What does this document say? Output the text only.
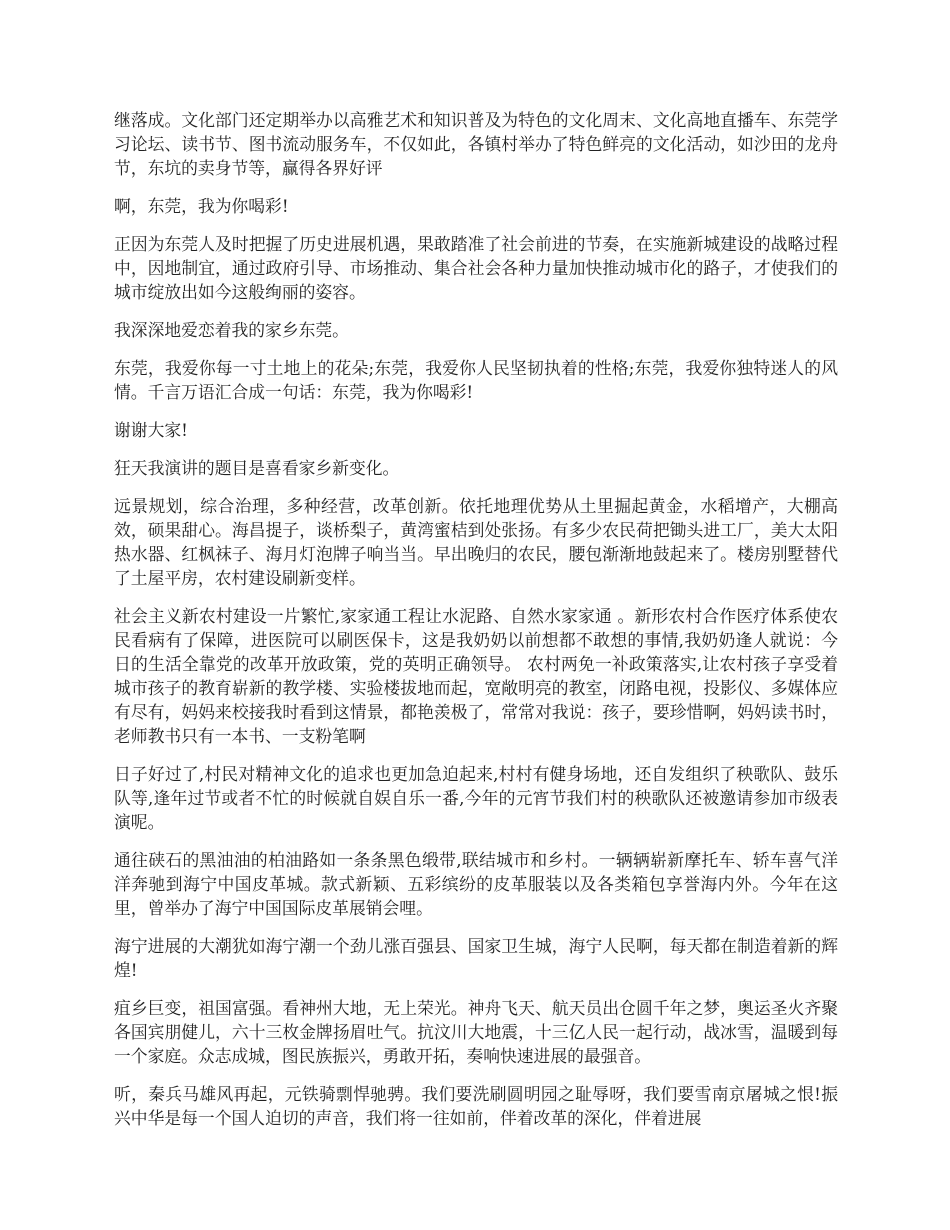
继落成。文化部门还定期举办以高雅艺术和知识普及为特色的文化周末、文化高地直播车、东莞学习论坛、读书节、图书流动服务车，不仅如此，各镇村举办了特色鲜亮的文化活动，如沙田的龙舟节，东坑的卖身节等，赢得各界好评

啊，东莞，我为你喝彩!

正因为东莞人及时把握了历史进展机遇，果敢踏准了社会前进的节奏，在实施新城建设的战略过程中，因地制宜，通过政府引导、市场推动、集合社会各种力量加快推动城市化的路子，才使我们的城市绽放出如今这般绚丽的姿容。

我深深地爱恋着我的家乡东莞。

东莞，我爱你每一寸土地上的花朵;东莞，我爱你人民坚韧执着的性格;东莞，我爱你独特迷人的风情。千言万语汇合成一句话：东莞，我为你喝彩!

谢谢大家!

狂天我演讲的题目是喜看家乡新变化。

远景规划，综合治理，多种经营，改革创新。依托地理优势从土里掘起黄金，水稻增产，大棚高效，硕果甜心。海昌提子，谈桥梨子，黄湾蜜桔到处张扬。有多少农民荷把锄头进工厂，美大太阳热水器、红枫袜子、海月灯泡牌子响当当。早出晚归的农民，腰包渐渐地鼓起来了。楼房别墅替代了土屋平房，农村建设刷新变样。

社会主义新农村建设一片繁忙,家家通工程让水泥路、自然水家家通 。新形农村合作医疗体系使农民看病有了保障，进医院可以刷医保卡，这是我奶奶以前想都不敢想的事情,我奶奶逢人就说：今日的生活全靠党的改革开放政策，党的英明正确领导。 农村两免一补政策落实,让农村孩子享受着城市孩子的教育崭新的教学楼、实验楼拔地而起，宽敞明亮的教室，闭路电视，投影仪、多媒体应有尽有，妈妈来校接我时看到这情景，都艳羡极了，常常对我说：孩子，要珍惜啊，妈妈读书时，老师教书只有一本书、一支粉笔啊

日子好过了,村民对精神文化的追求也更加急迫起来,村村有健身场地，还自发组织了秧歌队、鼓乐队等,逢年过节或者不忙的时候就自娱自乐一番,今年的元宵节我们村的秧歌队还被邀请参加市级表演呢。

通往硖石的黑油油的柏油路如一条条黑色缎带,联结城市和乡村。一辆辆崭新摩托车、轿车喜气洋洋奔驰到海宁中国皮革城。款式新颖、五彩缤纷的皮革服装以及各类箱包享誉海内外。今年在这里，曾举办了海宁中国国际皮革展销会哩。

海宁进展的大潮犹如海宁潮一个劲儿涨百强县、国家卫生城，海宁人民啊，每天都在制造着新的辉煌!

疽乡巨变，祖国富强。看神州大地，无上荣光。神舟飞天、航天员出仓圆千年之梦，奥运圣火齐聚各国宾朋健儿，六十三枚金牌扬眉吐气。抗汶川大地震，十三亿人民一起行动，战冰雪，温暖到每一个家庭。众志成城，图民族振兴，勇敢开拓，奏响快速进展的最强音。

听，秦兵马雄风再起，元铁骑剽悍驰骋。我们要洗刷圆明园之耻辱呀，我们要雪南京屠城之恨!振兴中华是每一个国人迫切的声音，我们将一往如前，伴着改革的深化，伴着进展
